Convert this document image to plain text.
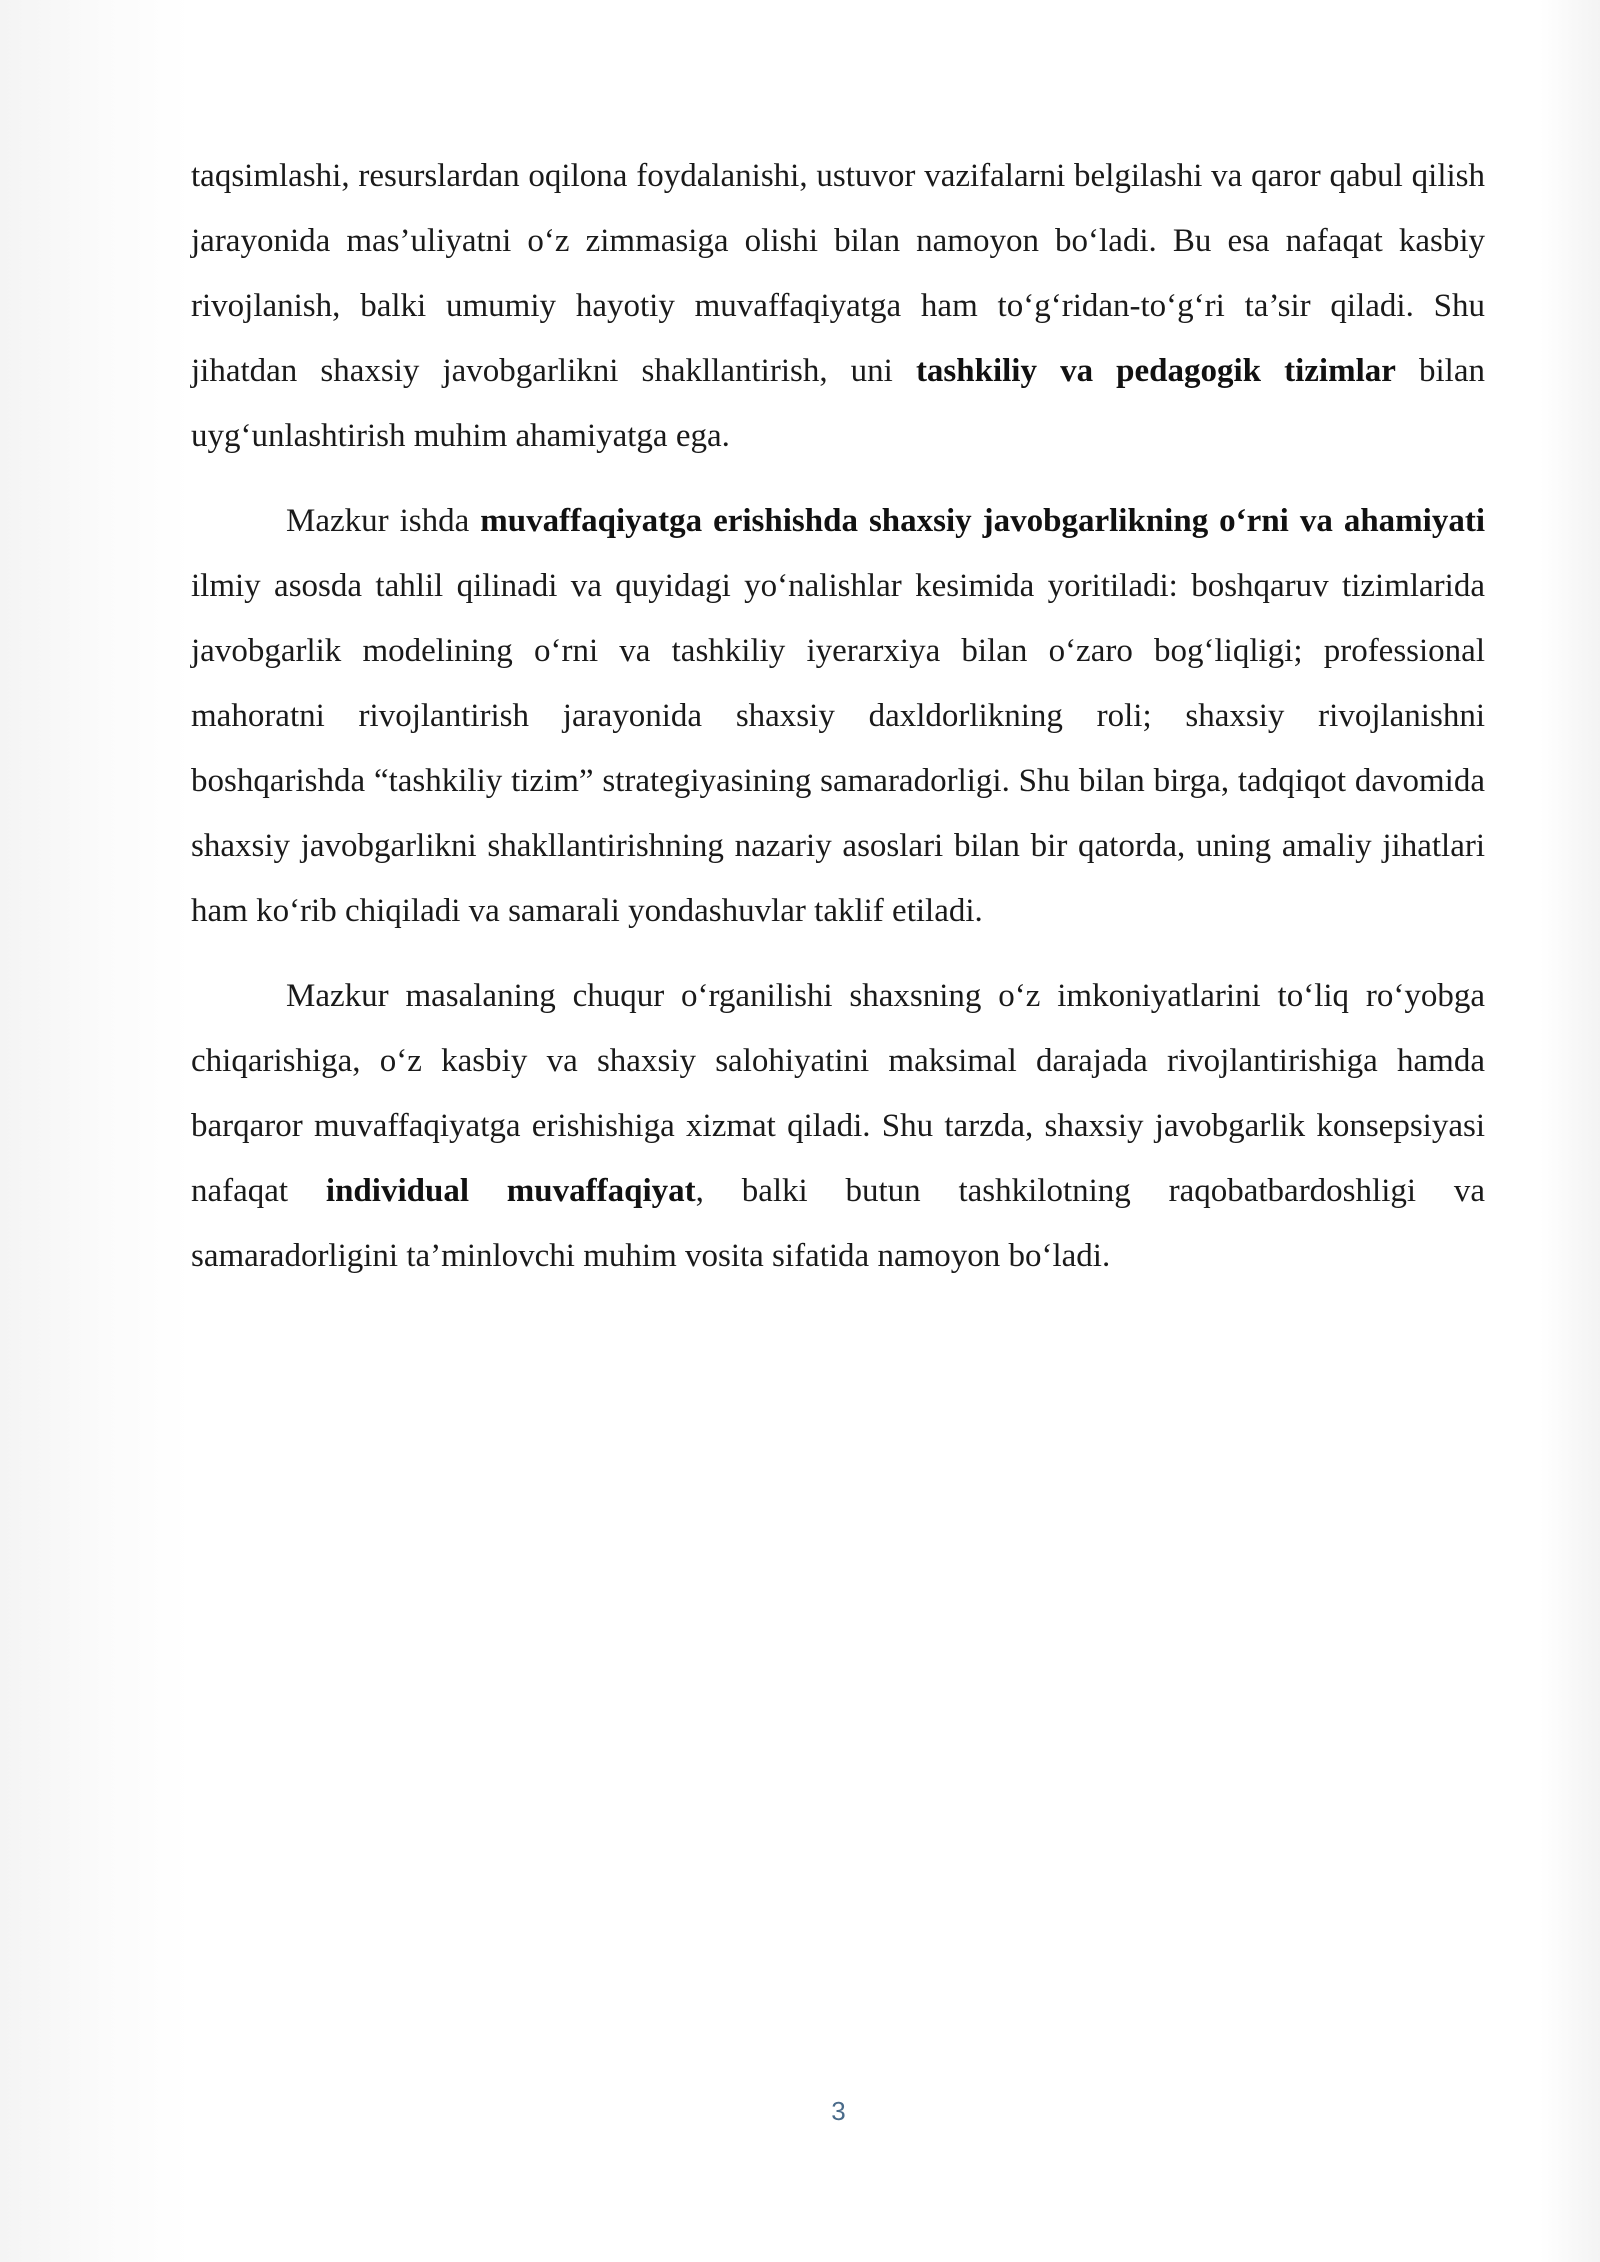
taqsimlashi, resurslardan oqilona foydalanishi, ustuvor vazifalarni belgilashi va qaror qabul qilish jarayonida mas’uliyatni o‘z zimmasiga olishi bilan namoyon bo‘ladi. Bu esa nafaqat kasbiy rivojlanish, balki umumiy hayotiy muvaffaqiyatga ham to‘g‘ridan-to‘g‘ri ta’sir qiladi. Shu jihatdan shaxsiy javobgarlikni shakllantirish, uni tashkiliy va pedagogik tizimlar bilan uyg‘unlashtirish muhim ahamiyatga ega.

Mazkur ishda muvaffaqiyatga erishishda shaxsiy javobgarlikning o‘rni va ahamiyati ilmiy asosda tahlil qilinadi va quyidagi yo‘nalishlar kesimida yoritiladi: boshqaruv tizimlarida javobgarlik modelining o‘rni va tashkiliy iyerarxiya bilan o‘zaro bog‘liqligi; professional mahoratni rivojlantirish jarayonida shaxsiy daxldorlikning roli; shaxsiy rivojlanishni boshqarishda “tashkiliy tizim” strategiyasining samaradorligi. Shu bilan birga, tadqiqot davomida shaxsiy javobgarlikni shakllantirishning nazariy asoslari bilan bir qatorda, uning amaliy jihatlari ham ko‘rib chiqiladi va samarali yondashuvlar taklif etiladi.

Mazkur masalaning chuqur o‘rganilishi shaxsning o‘z imkoniyatlarini to‘liq ro‘yobga chiqarishiga, o‘z kasbiy va shaxsiy salohiyatini maksimal darajada rivojlantirishiga hamda barqaror muvaffaqiyatga erishishiga xizmat qiladi. Shu tarzda, shaxsiy javobgarlik konsepsiyasi nafaqat individual muvaffaqiyat, balki butun tashkilotning raqobatbardoshligi va samaradorligini ta’minlovchi muhim vosita sifatida namoyon bo‘ladi.

3
